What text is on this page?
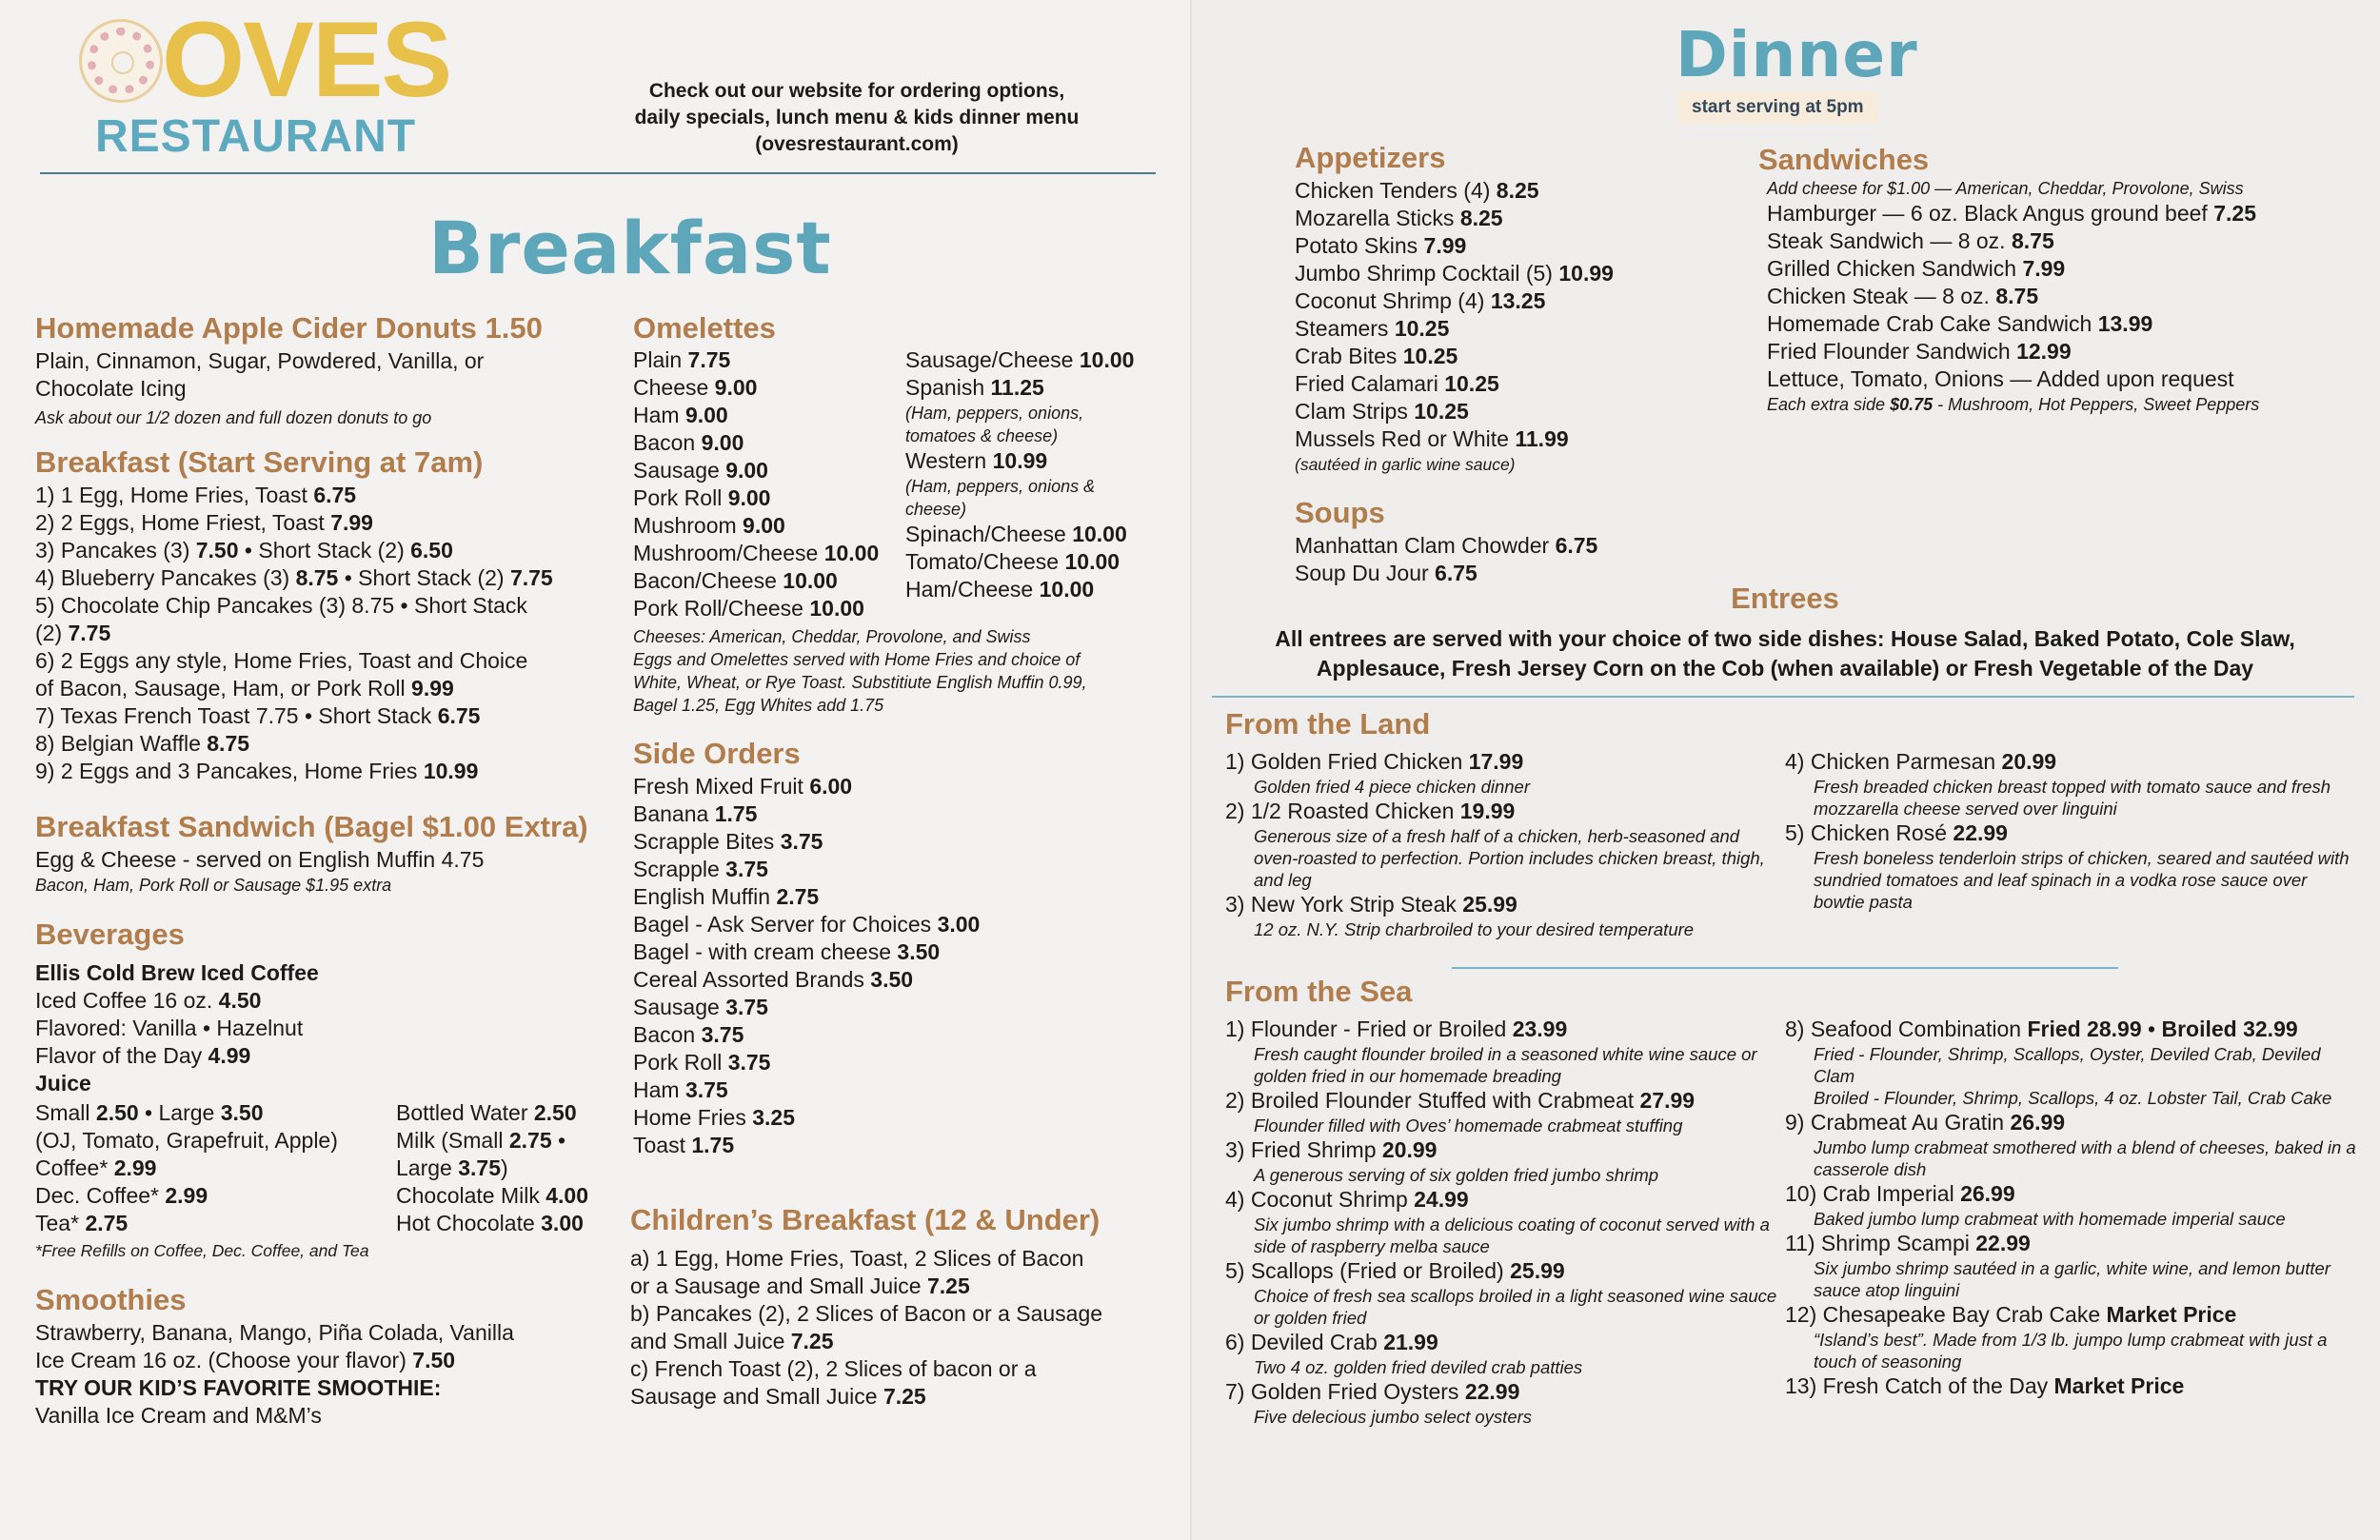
OVES
RESTAURANT
Check out our website for ordering options,
daily specials, lunch menu & kids dinner menu
(ovesrestaurant.com)
Breakfast
Homemade Apple Cider Donuts 1.50
Plain, Cinnamon, Sugar, Powdered, Vanilla, or
Chocolate Icing
Ask about our 1/2 dozen and full dozen donuts to go
Breakfast (Start Serving at 7am)
1) 1 Egg, Home Fries, Toast 6.75
2) 2 Eggs, Home Friest, Toast 7.99
3) Pancakes (3) 7.50 • Short Stack (2) 6.50
4) Blueberry Pancakes (3) 8.75 • Short Stack (2) 7.75
5) Chocolate Chip Pancakes (3) 8.75 • Short Stack
(2) 7.75
6) 2 Eggs any style, Home Fries, Toast and Choice
of Bacon, Sausage, Ham, or Pork Roll 9.99
7) Texas French Toast 7.75 • Short Stack 6.75
8) Belgian Waffle 8.75
9) 2 Eggs and 3 Pancakes, Home Fries 10.99
Breakfast Sandwich (Bagel $1.00 Extra)
Egg & Cheese - served on English Muffin 4.75
Bacon, Ham, Pork Roll or Sausage $1.95 extra
Beverages
Ellis Cold Brew Iced Coffee
Iced Coffee 16 oz. 4.50
Flavored: Vanilla • Hazelnut
Flavor of the Day 4.99
Juice
Small 2.50 • Large 3.50
(OJ, Tomato, Grapefruit, Apple)
Coffee* 2.99
Dec. Coffee* 2.99
Tea* 2.75
Bottled Water 2.50
Milk (Small 2.75 •
Large 3.75)
Chocolate Milk 4.00
Hot Chocolate 3.00
*Free Refills on Coffee, Dec. Coffee, and Tea
Smoothies
Strawberry, Banana, Mango, Piña Colada, Vanilla
Ice Cream 16 oz. (Choose your flavor) 7.50
TRY OUR KID’S FAVORITE SMOOTHIE:
Vanilla Ice Cream and M&M’s
Omelettes
Plain 7.75
Cheese 9.00
Ham 9.00
Bacon 9.00
Sausage 9.00
Pork Roll 9.00
Mushroom 9.00
Mushroom/Cheese 10.00
Bacon/Cheese 10.00
Pork Roll/Cheese 10.00
Sausage/Cheese 10.00
Spanish 11.25
(Ham, peppers, onions,
tomatoes & cheese)
Western 10.99
(Ham, peppers, onions &
cheese)
Spinach/Cheese 10.00
Tomato/Cheese 10.00
Ham/Cheese 10.00
Cheeses: American, Cheddar, Provolone, and Swiss
Eggs and Omelettes served with Home Fries and choice of
White, Wheat, or Rye Toast. Substitiute English Muffin 0.99,
Bagel 1.25, Egg Whites add 1.75
Side Orders
Fresh Mixed Fruit 6.00
Banana 1.75
Scrapple Bites 3.75
Scrapple 3.75
English Muffin 2.75
Bagel - Ask Server for Choices 3.00
Bagel - with cream cheese 3.50
Cereal Assorted Brands 3.50
Sausage 3.75
Bacon 3.75
Pork Roll 3.75
Ham 3.75
Home Fries 3.25
Toast 1.75
Children’s Breakfast (12 & Under)
a) 1 Egg, Home Fries, Toast, 2 Slices of Bacon
or a Sausage and Small Juice 7.25
b) Pancakes (2), 2 Slices of Bacon or a Sausage
and Small Juice 7.25
c) French Toast (2), 2 Slices of bacon or a
Sausage and Small Juice 7.25
Dinner
start serving at 5pm
Appetizers
Chicken Tenders (4) 8.25
Mozarella Sticks 8.25
Potato Skins 7.99
Jumbo Shrimp Cocktail (5) 10.99
Coconut Shrimp (4) 13.25
Steamers 10.25
Crab Bites 10.25
Fried Calamari 10.25
Clam Strips 10.25
Mussels Red or White 11.99
(sautéed in garlic wine sauce)
Soups
Manhattan Clam Chowder 6.75
Soup Du Jour 6.75
Sandwiches
Add cheese for $1.00 — American, Cheddar, Provolone, Swiss
Hamburger — 6 oz. Black Angus ground beef 7.25
Steak Sandwich — 8 oz. 8.75
Grilled Chicken Sandwich 7.99
Chicken Steak — 8 oz. 8.75
Homemade Crab Cake Sandwich 13.99
Fried Flounder Sandwich 12.99
Lettuce, Tomato, Onions — Added upon request
Each extra side $0.75 - Mushroom, Hot Peppers, Sweet Peppers
Entrees
All entrees are served with your choice of two side dishes: House Salad, Baked Potato, Cole Slaw, Applesauce, Fresh Jersey Corn on the Cob (when available) or Fresh Vegetable of the Day
From the Land
1) Golden Fried Chicken 17.99
Golden fried 4 piece chicken dinner
2) 1/2 Roasted Chicken 19.99
Generous size of a fresh half of a chicken, herb-seasoned and oven-roasted to perfection. Portion includes chicken breast, thigh, and leg
3) New York Strip Steak 25.99
12 oz. N.Y. Strip charbroiled to your desired temperature
4) Chicken Parmesan 20.99
Fresh breaded chicken breast topped with tomato sauce and fresh mozzarella cheese served over linguini
5) Chicken Rosé 22.99
Fresh boneless tenderloin strips of chicken, seared and sautéed with sundried tomatoes and leaf spinach in a vodka rose sauce over bowtie pasta
From the Sea
1) Flounder - Fried or Broiled 23.99
Fresh caught flounder broiled in a seasoned white wine sauce or golden fried in our homemade breading
2) Broiled Flounder Stuffed with Crabmeat 27.99
Flounder filled with Oves’ homemade crabmeat stuffing
3) Fried Shrimp 20.99
A generous serving of six golden fried jumbo shrimp
4) Coconut Shrimp 24.99
Six jumbo shrimp with a delicious coating of coconut served with a side of raspberry melba sauce
5) Scallops (Fried or Broiled) 25.99
Choice of fresh sea scallops broiled in a light seasoned wine sauce or golden fried
6) Deviled Crab 21.99
Two 4 oz. golden fried deviled crab patties
7) Golden Fried Oysters 22.99
Five delecious jumbo select oysters
8) Seafood Combination Fried 28.99 • Broiled 32.99
Fried - Flounder, Shrimp, Scallops, Oyster, Deviled Crab, Deviled Clam
Broiled - Flounder, Shrimp, Scallops, 4 oz. Lobster Tail, Crab Cake
9) Crabmeat Au Gratin 26.99
Jumbo lump crabmeat smothered with a blend of cheeses, baked in a casserole dish
10) Crab Imperial 26.99
Baked jumbo lump crabmeat with homemade imperial sauce
11) Shrimp Scampi 22.99
Six jumbo shrimp sautéed in a garlic, white wine, and lemon butter sauce atop linguini
12) Chesapeake Bay Crab Cake Market Price
“Island’s best”. Made from 1/3 lb. jumpo lump crabmeat with just a touch of seasoning
13) Fresh Catch of the Day Market Price
